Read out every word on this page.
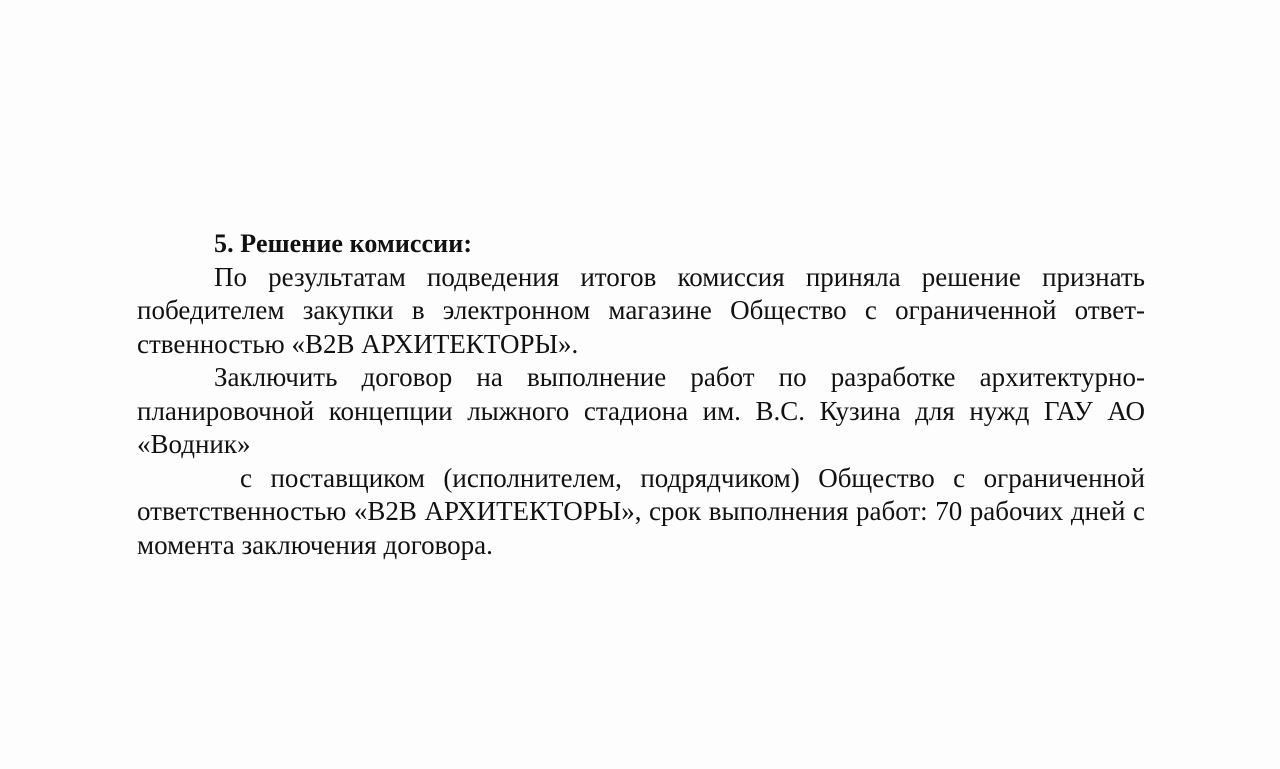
5. Решение комиссии:

По результатам подведения итогов комиссия приняла решение признать победителем закупки в электронном магазине Общество с ограниченной ответ-ственностью «B2B АРХИТЕКТОРЫ».

Заключить договор на выполнение работ по разработке архитектурно-планировочной концепции лыжного стадиона им. В.С. Кузина для нужд ГАУ АО «Водник»

с поставщиком (исполнителем, подрядчиком) Общество с ограниченной ответственностью «B2B АРХИТЕКТОРЫ», срок выполнения работ: 70 рабочих дней с момента заключения договора.
